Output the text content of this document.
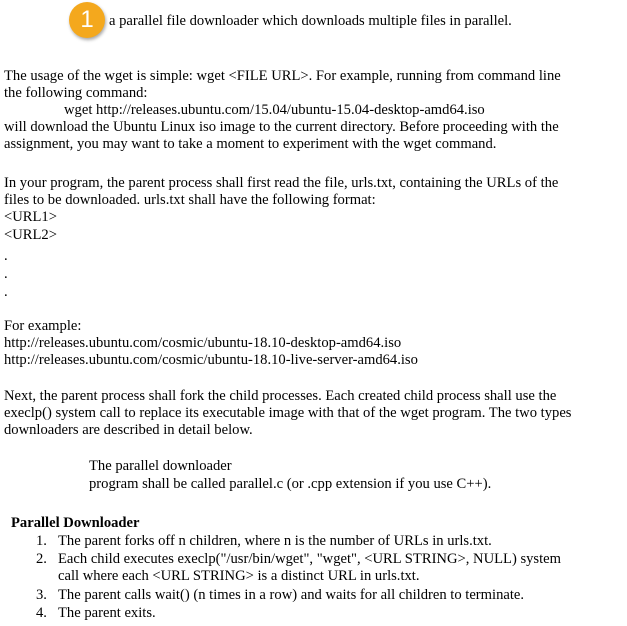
1	a parallel file downloader which downloads multiple files in parallel.
The usage of the wget is simple: wget <FILE URL>. For example, running from command line
the following command:
wget http://releases.ubuntu.com/15.04/ubuntu-15.04-desktop-amd64.iso
will download the Ubuntu Linux iso image to the current directory. Before proceeding with the
assignment, you may want to take a moment to experiment with the wget command.
In your program, the parent process shall first read the file, urls.txt, containing the URLs of the
files to be downloaded. urls.txt shall have the following format:
<URL1>
<URL2>
.
.
.
For example:
http://releases.ubuntu.com/cosmic/ubuntu-18.10-desktop-amd64.iso
http://releases.ubuntu.com/cosmic/ubuntu-18.10-live-server-amd64.iso
Next, the parent process shall fork the child processes. Each created child process shall use the
execlp() system call to replace its executable image with that of the wget program. The two types
downloaders are described in detail below.
The parallel downloader
program shall be called parallel.c (or .cpp extension if you use C++).
Parallel Downloader
1. The parent forks off n children, where n is the number of URLs in urls.txt.
2. Each child executes execlp("/usr/bin/wget", "wget", <URL STRING>, NULL) system
call where each <URL STRING> is a distinct URL in urls.txt.
3. The parent calls wait() (n times in a row) and waits for all children to terminate.
4. The parent exits.
